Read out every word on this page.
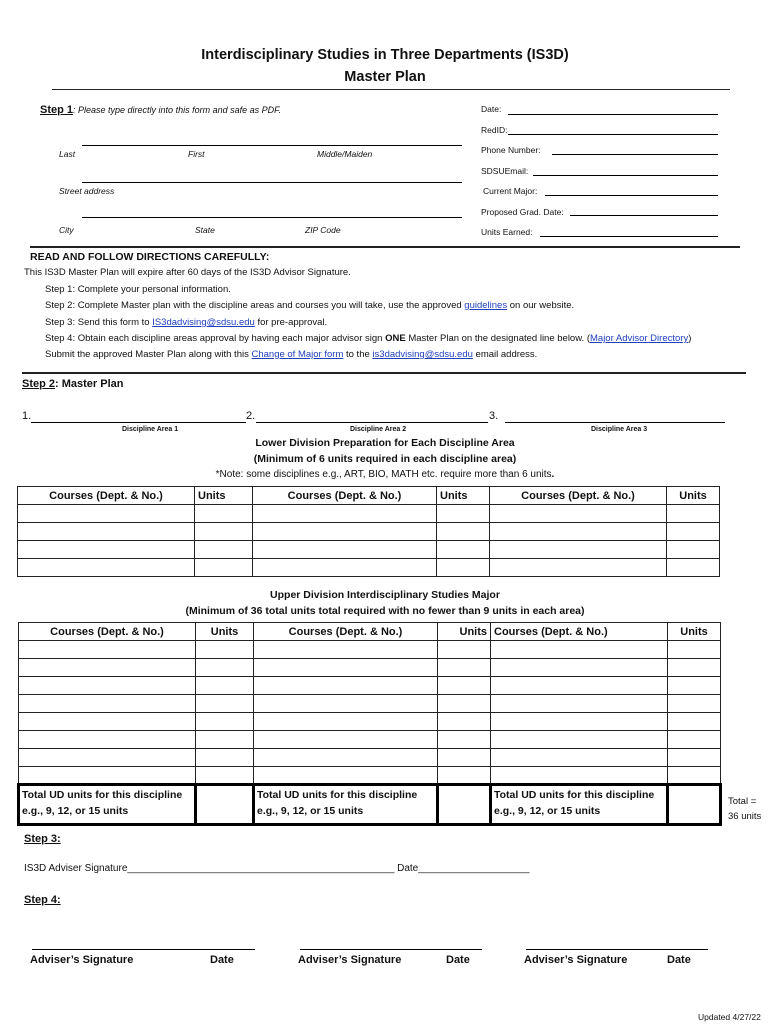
Interdisciplinary Studies in Three Departments (IS3D)
Master Plan
Step 1: Please type directly into this form and safe as PDF.
Last	First	Middle/Maiden
Street address
City	State	ZIP Code
Date:
RedID:
Phone Number:
SDSUEmail:
Current Major:
Proposed Grad. Date:
Units Earned:
READ AND FOLLOW DIRECTIONS CAREFULLY:
This IS3D Master Plan will expire after 60 days of the IS3D Advisor Signature.
Step 1: Complete your personal information.
Step 2: Complete Master plan with the discipline areas and courses you will take, use the approved guidelines on our website.
Step 3: Send this form to IS3dadvising@sdsu.edu for pre-approval.
Step 4: Obtain each discipline areas approval by having each major advisor sign ONE Master Plan on the designated line below. (Major Advisor Directory)
Submit the approved Master Plan along with this Change of Major form to the is3dadvising@sdsu.edu email address.
Step 2: Master Plan
1.
Discipline Area 1
2.
Discipline Area 2
3.
Discipline Area 3
Lower Division Preparation for Each Discipline Area
(Minimum of 6 units required in each discipline area)
*Note: some disciplines e.g., ART, BIO, MATH etc. require more than 6 units.
Courses (Dept. & No.)	Units	Courses (Dept. & No.)	Units	Courses (Dept. & No.)	Units

Upper Division Interdisciplinary Studies Major
(Minimum of 36 total units total required with no fewer than 9 units in each area)
Courses (Dept. & No.)	Units	Courses (Dept. & No.)	Units	Courses (Dept. & No.)	Units

Total UD units for this discipline
e.g., 9, 12, or 15 units		Total UD units for this discipline
e.g., 9, 12, or 15 units		Total UD units for this discipline
e.g., 9, 12, or 15 units	
Total =
36 units
Step 3:
IS3D Adviser Signature________________________________________________ Date____________________
Step 4:
Adviser’s Signature	Date	Adviser’s Signature	Date	Adviser’s Signature	Date
Updated 4/27/22
